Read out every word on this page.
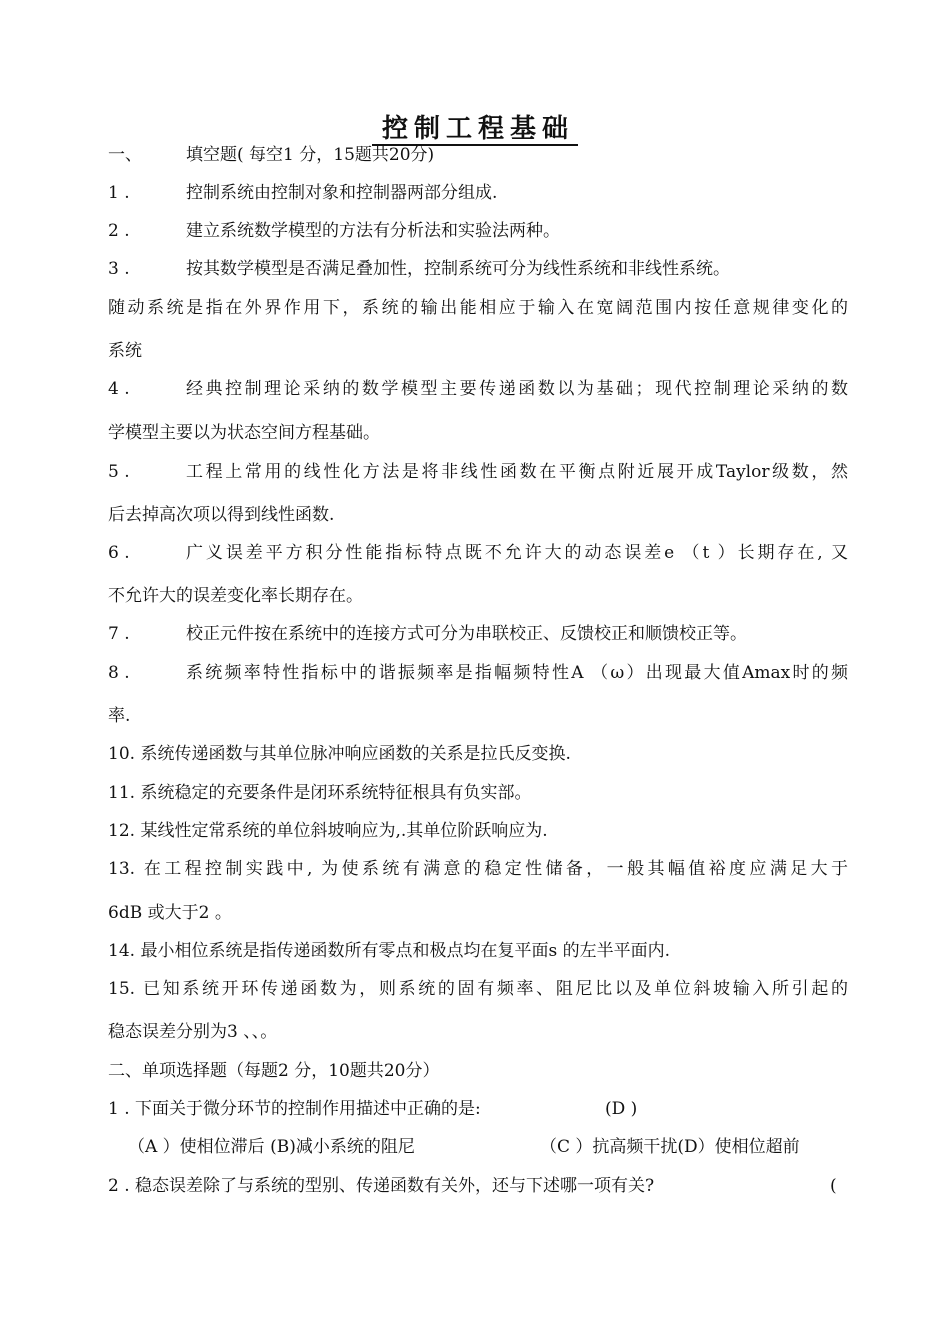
控制工程基础
一、	填空题( 每空1 分，15题共20分)
1 .	控制系统由控制对象和控制器两部分组成.
2 .	建立系统数学模型的方法有分析法和实验法两种。
3 .	按其数学模型是否满足叠加性，控制系统可分为线性系统和非线性系统。
随动系统是指在外界作用下，系统的输出能相应于输入在宽阔范围内按任意规律变化的
系统
4 .	经典控制理论采纳的数学模型主要传递函数以为基础；现代控制理论采纳的数
学模型主要以为状态空间方程基础。
5 .	工程上常用的线性化方法是将非线性函数在平衡点附近展开成Taylor级数，然
后去掉高次项以得到线性函数.
6 .	广义误差平方积分性能指标特点既不允许大的动态误差e （t ）长期存在, 又
不允许大的误差变化率长期存在。
7 .	校正元件按在系统中的连接方式可分为串联校正、反馈校正和顺馈校正等。
8 .	系统频率特性指标中的谐振频率是指幅频特性A （ω）出现最大值Amax时的频
率.
10. 系统传递函数与其单位脉冲响应函数的关系是拉氏反变换.
11. 系统稳定的充要条件是闭环系统特征根具有负实部。
12. 某线性定常系统的单位斜坡响应为,.其单位阶跃响应为.
13. 在工程控制实践中, 为使系统有满意的稳定性储备，一般其幅值裕度应满足大于
6dB 或大于2 。
14. 最小相位系统是指传递函数所有零点和极点均在复平面s 的左半平面内.
15. 已知系统开环传递函数为，则系统的固有频率、阻尼比以及单位斜坡输入所引起的
稳态误差分别为3 、、。
二、单项选择题（每题2 分，10题共20分）
1 . 下面关于微分环节的控制作用描述中正确的是:	(D )
（A ）使相位滞后 (B)减小系统的阻尼	（C ）抗高频干扰(D）使相位超前
2 . 稳态误差除了与系统的型别、传递函数有关外，还与下述哪一项有关?	(
